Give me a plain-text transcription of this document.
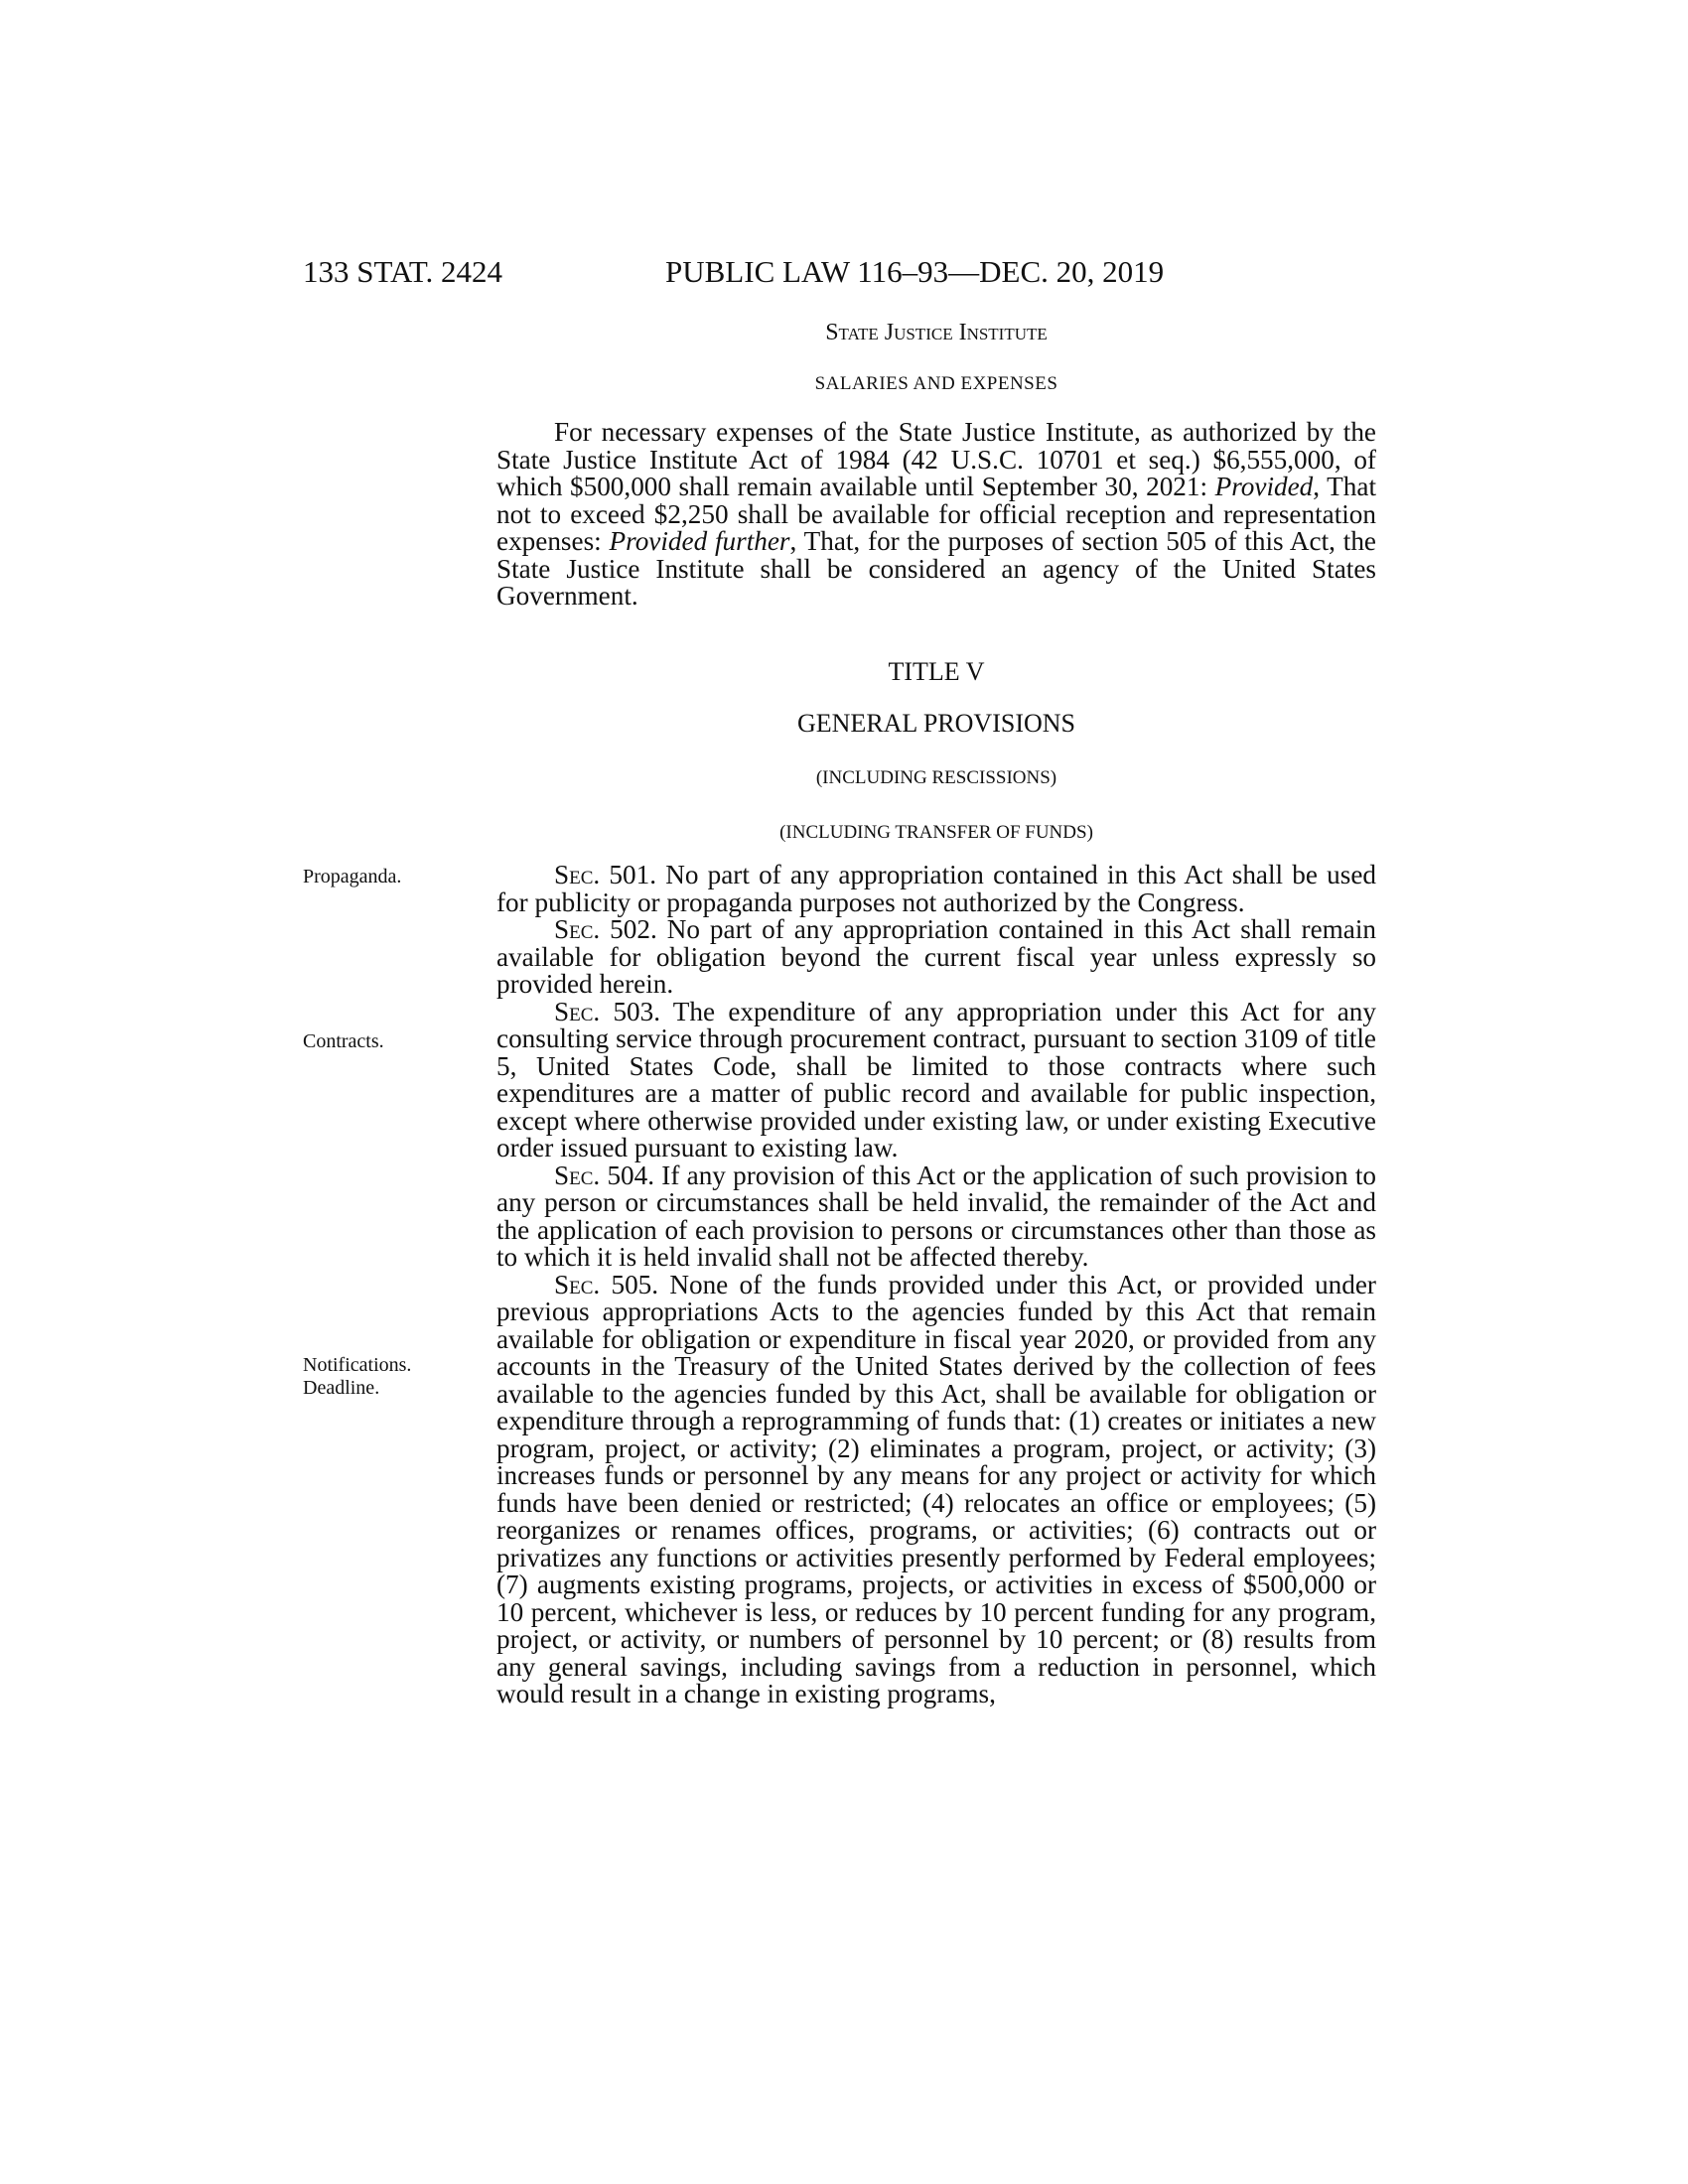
133 STAT. 2424	PUBLIC LAW 116–93—DEC. 20, 2019
State Justice Institute
SALARIES AND EXPENSES

For necessary expenses of the State Justice Institute, as authorized by the State Justice Institute Act of 1984 (42 U.S.C. 10701 et seq.) $6,555,000, of which $500,000 shall remain available until September 30, 2021: Provided, That not to exceed $2,250 shall be available for official reception and representation expenses: Provided further, That, for the purposes of section 505 of this Act, the State Justice Institute shall be considered an agency of the United States Government.

TITLE V
GENERAL PROVISIONS
(INCLUDING RESCISSIONS)
(INCLUDING TRANSFER OF FUNDS)
Propaganda.
Contracts.
Notifications.
Deadline.

Sec. 501. No part of any appropriation contained in this Act shall be used for publicity or propaganda purposes not authorized by the Congress.

Sec. 502. No part of any appropriation contained in this Act shall remain available for obligation beyond the current fiscal year unless expressly so provided herein.

Sec. 503. The expenditure of any appropriation under this Act for any consulting service through procurement contract, pursuant to section 3109 of title 5, United States Code, shall be limited to those contracts where such expenditures are a matter of public record and available for public inspection, except where otherwise provided under existing law, or under existing Executive order issued pursuant to existing law.

Sec. 504. If any provision of this Act or the application of such provision to any person or circumstances shall be held invalid, the remainder of the Act and the application of each provision to persons or circumstances other than those as to which it is held invalid shall not be affected thereby.

Sec. 505. None of the funds provided under this Act, or provided under previous appropriations Acts to the agencies funded by this Act that remain available for obligation or expenditure in fiscal year 2020, or provided from any accounts in the Treasury of the United States derived by the collection of fees available to the agencies funded by this Act, shall be available for obligation or expenditure through a reprogramming of funds that: (1) creates or initiates a new program, project, or activity; (2) eliminates a program, project, or activity; (3) increases funds or personnel by any means for any project or activity for which funds have been denied or restricted; (4) relocates an office or employees; (5) reorganizes or renames offices, programs, or activities; (6) contracts out or privatizes any functions or activities presently performed by Federal employees; (7) augments existing programs, projects, or activities in excess of $500,000 or 10 percent, whichever is less, or reduces by 10 percent funding for any program, project, or activity, or numbers of personnel by 10 percent; or (8) results from any general savings, including savings from a reduction in personnel, which would result in a change in existing programs,
